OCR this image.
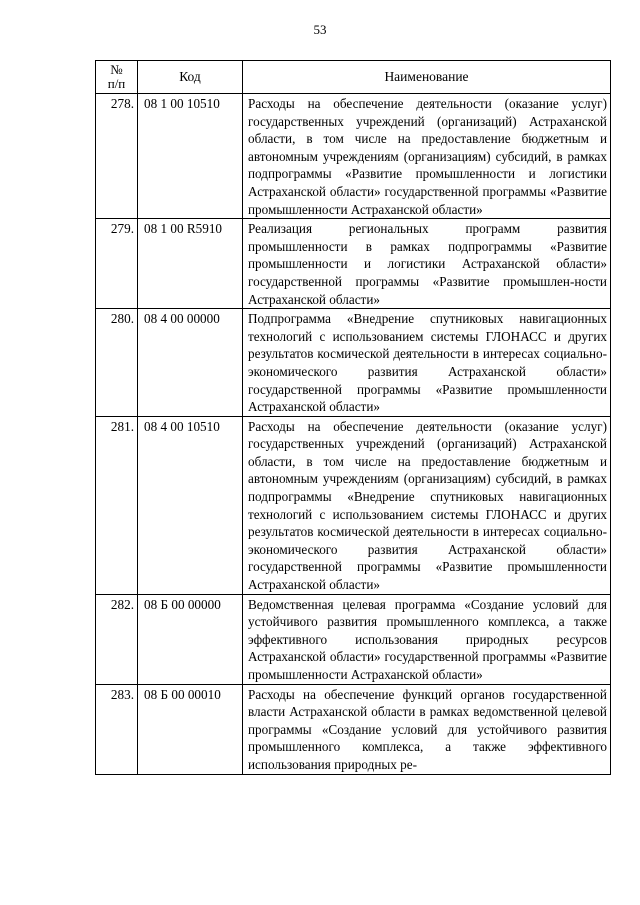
53
№
п/п	Код	Наименование
278.	08 1 00 10510	Расходы на обеспечение деятельности (оказание услуг) государственных учреждений (организаций) Астраханской области, в том числе на предоставление бюджетным и автономным учреждениям (организациям) субсидий, в рамках подпрограммы «Развитие промышленности и логистики Астраханской области» государственной программы «Развитие промышленности Астраханской области»
279.	08 1 00 R5910	Реализация региональных программ развития промышленности в рамках подпрограммы «Развитие промышленности и логистики Астраханской области» государственной программы «Развитие промышлен-ности Астраханской области»
280.	08 4 00 00000	Подпрограмма «Внедрение спутниковых навигационных технологий с использованием системы ГЛОНАСС и других результатов космической деятельности в интересах социально-экономического развития Астраханской области» государственной программы «Развитие промышленности Астраханской области»
281.	08 4 00 10510	Расходы на обеспечение деятельности (оказание услуг) государственных учреждений (организаций) Астраханской области, в том числе на предоставление бюджетным и автономным учреждениям (организациям) субсидий, в рамках подпрограммы «Внедрение спутниковых навигационных технологий с использованием системы ГЛОНАСС и других результатов космической деятельности в интересах социально-экономического развития Астраханской области» государственной программы «Развитие промышленности Астраханской области»
282.	08 Б 00 00000	Ведомственная целевая программа «Создание условий для устойчивого развития промышленного комплекса, а также эффективного использования природных ресурсов Астраханской области» государственной программы «Развитие промышленности Астраханской области»
283.	08 Б 00 00010	Расходы на обеспечение функций органов государственной власти Астраханской области в рамках ведомственной целевой программы «Создание условий для устойчивого развития промышленного комплекса, а также эффективного использования природных ре-
